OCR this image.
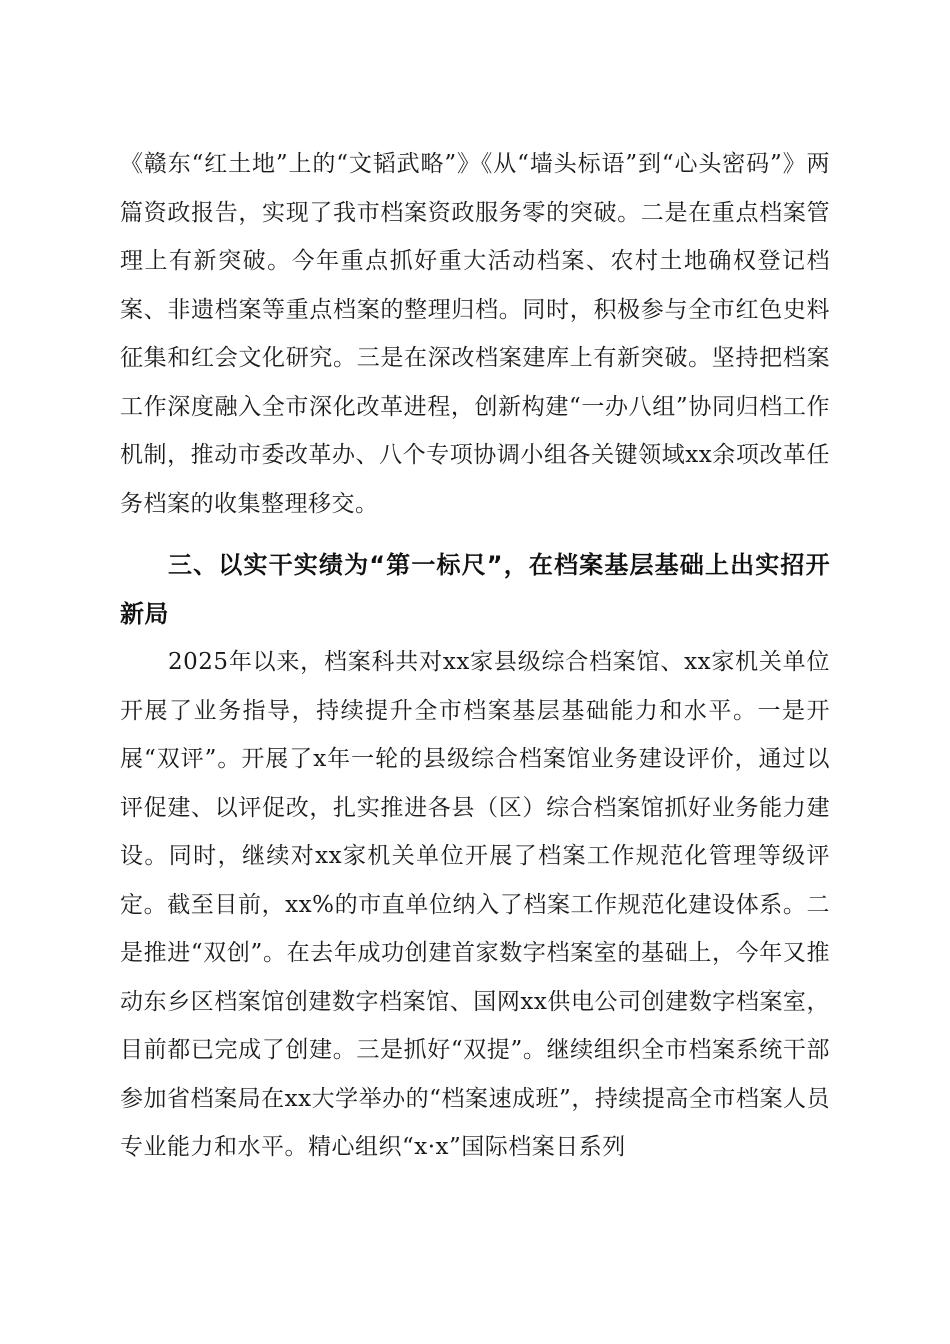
《赣东“红土地”上的“文韬武略”》《从“墙头标语”到“心头密码”》两篇资政报告，实现了我市档案资政服务零的突破。二是在重点档案管理上有新突破。今年重点抓好重大活动档案、农村土地确权登记档案、非遗档案等重点档案的整理归档。同时，积极参与全市红色史料征集和红会文化研究。三是在深改档案建库上有新突破。坚持把档案工作深度融入全市深化改革进程，创新构建“一办八组”协同归档工作机制，推动市委改革办、八个专项协调小组各关键领域xx余项改革任务档案的收集整理移交。

三、以实干实绩为“第一标尺”，在档案基层基础上出实招开新局

2025年以来，档案科共对xx家县级综合档案馆、xx家机关单位开展了业务指导，持续提升全市档案基层基础能力和水平。一是开展“双评”。开展了x年一轮的县级综合档案馆业务建设评价，通过以评促建、以评促改，扎实推进各县（区）综合档案馆抓好业务能力建设。同时，继续对xx家机关单位开展了档案工作规范化管理等级评定。截至目前，xx%的市直单位纳入了档案工作规范化建设体系。二是推进“双创”。在去年成功创建首家数字档案室的基础上，今年又推动东乡区档案馆创建数字档案馆、国网xx供电公司创建数字档案室，目前都已完成了创建。三是抓好“双提”。继续组织全市档案系统干部参加省档案局在xx大学举办的“档案速成班”，持续提高全市档案人员专业能力和水平。精心组织“x·x”国际档案日系列
